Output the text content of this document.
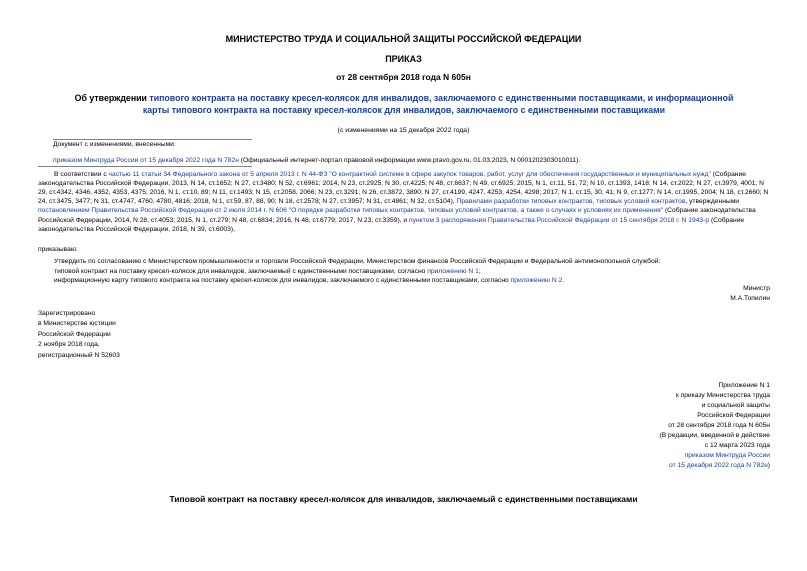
МИНИСТЕРСТВО ТРУДА И СОЦИАЛЬНОЙ ЗАЩИТЫ РОССИЙСКОЙ ФЕДЕРАЦИИ
ПРИКАЗ
от 28 сентября 2018 года N 605н
Об утверждении типового контракта на поставку кресел-колясок для инвалидов, заключаемого с единственными поставщиками, и информационной карты типового контракта на поставку кресел-колясок для инвалидов, заключаемого с единственными поставщиками
(с изменениями на 15 декабря 2022 года)
Документ с изменениями, внесенными:
приказом Минтруда России от 15 декабря 2022 года N 782н (Официальный интернет-портал правовой информации www.pravo.gov.ru, 01.03.2023, N 0001202303010011).
В соответствии с частью 11 статьи 34 Федерального закона от 5 апреля 2013 г. N 44-ФЗ "О контрактной системе в сфере закупок товаров, работ, услуг для обеспечения государственных и муниципальных нужд" (Собрание законодательства Российской Федерации, 2013, N 14, ст.1652; N 27, ст.3480; N 52, ст.6961; 2014, N 23, ст.2925; N 30, ст.4225; N 48, ст.6637; N 49, ст.6925; 2015, N 1, ст.11, 51, 72; N 10, ст.1393, 1418; N 14, ст.2022; N 27, ст.3979, 4001; N 29, ст.4342, 4346, 4352, 4353, 4375; 2016, N 1, ст.10, 89; N 11, ст.1493; N 15, ст.2058, 2066; N 23, ст.3291; N 26, ст.3872, 3890; N 27, ст.4199, 4247, 4253, 4254, 4298; 2017, N 1, ст.15, 30, 41; N 9, ст.1277; N 14, ст.1995, 2004; N 18, ст.2660; N 24, ст.3475, 3477; N 31, ст.4747, 4760, 4780, 4816; 2018, N 1, ст.59, 87, 88, 90; N 18, ст.2578; N 27, ст.3957; N 31, ст.4861; N 32, ст.5104), Правилами разработки типовых контрактов, типовых условий контрактов, утвержденными постановлением Правительства Российской Федерации от 2 июля 2014 г. N 606 "О порядке разработки типовых контрактов, типовых условий контрактов, а также о случаях и условиях их применения" (Собрание законодательства Российской Федерации, 2014, N 28, ст.4053; 2015, N 1, ст.279; N 48, ст.6834; 2016, N 48, ст.6779; 2017, N 23, ст.3359), и пунктом 3 распоряжения Правительства Российской Федерации от 15 сентября 2018 г. N 1943-р (Собрание законодательства Российской Федерации, 2018, N 39, ст.6003),
приказываю:
Утвердить по согласованию с Министерством промышленности и торговли Российской Федерации, Министерством финансов Российской Федерации и Федеральной антимонопольной службой:
типовой контракт на поставку кресел-колясок для инвалидов, заключаемый с единственными поставщиками, согласно приложению N 1;
информационную карту типового контракта на поставку кресел-колясок для инвалидов, заключаемого с единственными поставщиками, согласно приложению N 2.
Министр
М.А.Топилин
Зарегистрировано
в Министерстве юстиции
Российской Федерации
2 ноября 2018 года,
регистрационный N 52603
Приложение N 1
к приказу Министерства труда
и социальной защиты
Российской Федерации
от 28 сентября 2018 года N 605н
(В редакции, введенной в действие
с 12 марта 2023 года
приказом Минтруда России
от 15 декабря 2022 года N 782н)
Типовой контракт на поставку кресел-колясок для инвалидов, заключаемый с единственными поставщиками
